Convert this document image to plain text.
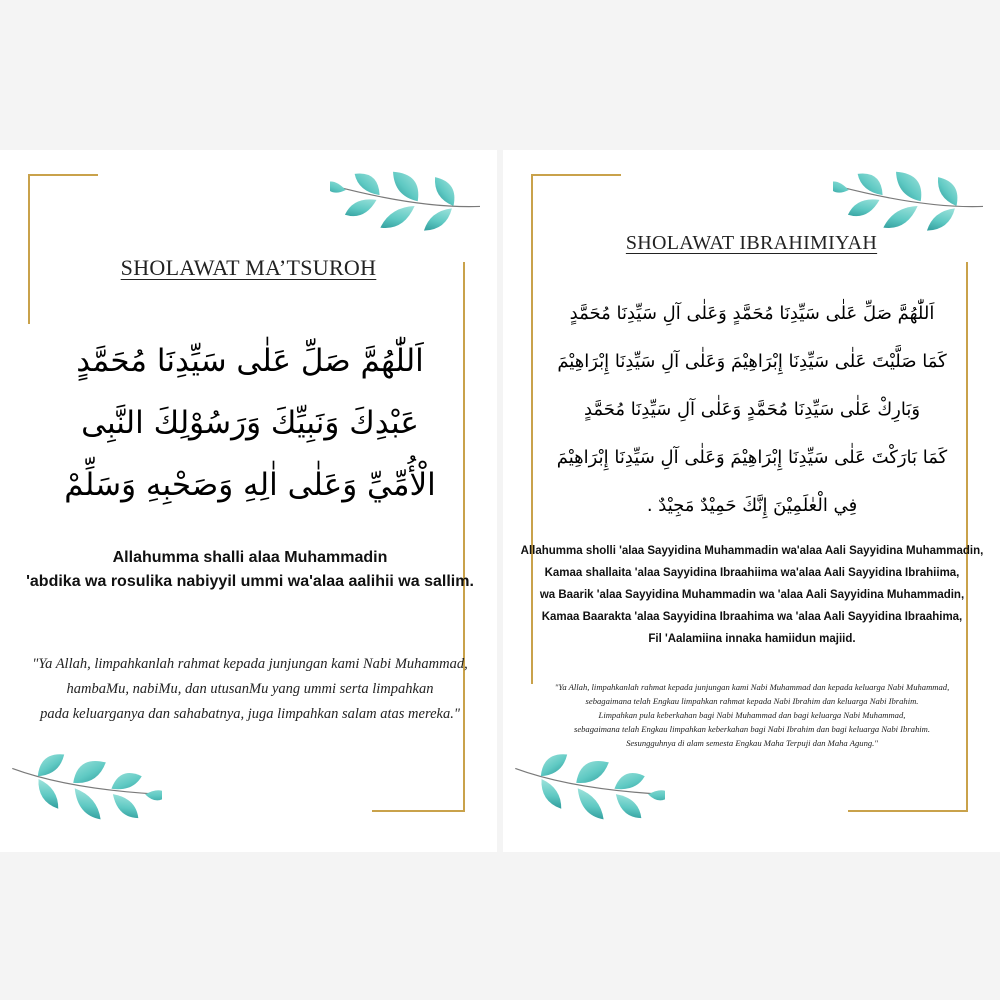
SHOLAWAT MA’TSUROH
اَللّٰهُمَّ صَلِّ عَلٰى سَيِّدِنَا مُحَمَّدٍ
عَبْدِكَ وَنَبِيِّكَ وَرَسُوْلِكَ النَّبِى
الْأُمِّيِّ وَعَلٰى اٰلِهِ وَصَحْبِهِ وَسَلِّمْ
Allahumma shalli alaa Muhammadin
'abdika wa rosulika nabiyyil ummi wa'alaa aalihii wa sallim.
"Ya Allah, limpahkanlah rahmat kepada junjungan kami Nabi Muhammad,
hambaMu, nabiMu, dan utusanMu yang ummi serta limpahkan
pada keluarganya dan sahabatnya, juga limpahkan salam atas mereka."
SHOLAWAT IBRAHIMIYAH
اَللّٰهُمَّ صَلِّ عَلٰى سَيِّدِنَا مُحَمَّدٍ وَعَلٰى آلِ سَيِّدِنَا مُحَمَّدٍ
كَمَا صَلَّيْتَ عَلٰى سَيِّدِنَا إِبْرَاهِيْمَ وَعَلٰى آلِ سَيِّدِنَا إِبْرَاهِيْمَ
وَبَارِكْ عَلٰى سَيِّدِنَا مُحَمَّدٍ وَعَلٰى آلِ سَيِّدِنَا مُحَمَّدٍ
كَمَا بَارَكْتَ عَلٰى سَيِّدِنَا إِبْرَاهِيْمَ وَعَلٰى آلِ سَيِّدِنَا إِبْرَاهِيْمَ
فِي الْعٰلَمِيْنَ إِنَّكَ حَمِيْدٌ مَجِيْدٌ .
Allahumma sholli 'alaa Sayyidina Muhammadin wa'alaa Aali Sayyidina Muhammadin,
Kamaa shallaita 'alaa Sayyidina Ibraahiima wa'alaa Aali Sayyidina Ibrahiima,
wa Baarik 'alaa Sayyidina Muhammadin wa 'alaa Aali Sayyidina Muhammadin,
Kamaa Baarakta 'alaa Sayyidina Ibraahima wa 'alaa Aali Sayyidina Ibraahima,
Fil 'Aalamiina innaka hamiidun majiid.
"Ya Allah, limpahkanlah rahmat kepada junjungan kami Nabi Muhammad dan kepada keluarga Nabi Muhammad,
sebagaimana telah Engkau limpahkan rahmat kepada Nabi Ibrahim dan keluarga Nabi Ibrahim.
Limpahkan pula keberkahan bagi Nabi Muhammad dan bagi keluarga Nabi Muhammad,
sebagaimana telah Engkau limpahkan keberkahan bagi Nabi Ibrahim dan bagi keluarga Nabi Ibrahim.
Sesungguhnya di alam semesta Engkau Maha Terpuji dan Maha Agung."
